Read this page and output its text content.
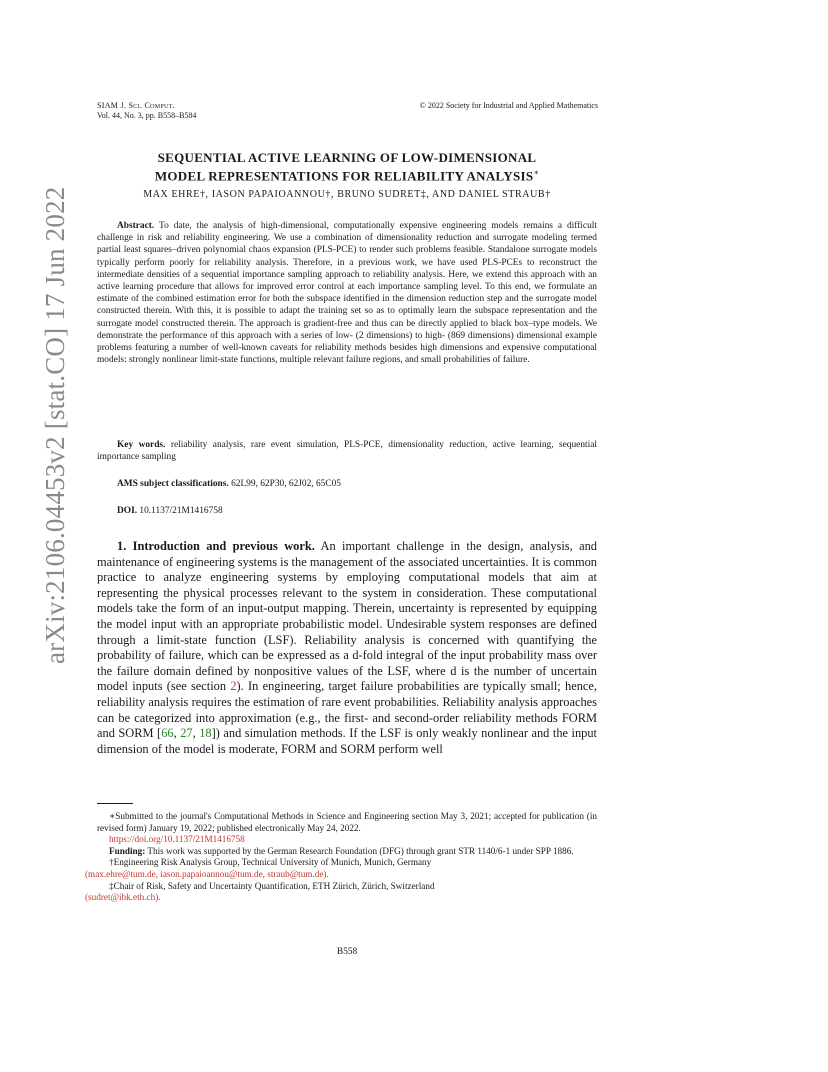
arXiv:2106.04453v2 [stat.CO] 17 Jun 2022
SIAM J. Sci. Comput.
Vol. 44, No. 3, pp. B558–B584
© 2022 Society for Industrial and Applied Mathematics
SEQUENTIAL ACTIVE LEARNING OF LOW-DIMENSIONAL
MODEL REPRESENTATIONS FOR RELIABILITY ANALYSIS∗
MAX EHRE†, IASON PAPAIOANNOU†, BRUNO SUDRET‡, AND DANIEL STRAUB†
Abstract. To date, the analysis of high-dimensional, computationally expensive engineering models remains a difficult challenge in risk and reliability engineering. We use a combination of dimensionality reduction and surrogate modeling termed partial least squares–driven polynomial chaos expansion (PLS-PCE) to render such problems feasible. Standalone surrogate models typically perform poorly for reliability analysis. Therefore, in a previous work, we have used PLS-PCEs to reconstruct the intermediate densities of a sequential importance sampling approach to reliability analysis. Here, we extend this approach with an active learning procedure that allows for improved error control at each importance sampling level. To this end, we formulate an estimate of the combined estimation error for both the subspace identified in the dimension reduction step and the surrogate model constructed therein. With this, it is possible to adapt the training set so as to optimally learn the subspace representation and the surrogate model constructed therein. The approach is gradient-free and thus can be directly applied to black box–type models. We demonstrate the performance of this approach with a series of low- (2 dimensions) to high- (869 dimensions) dimensional example problems featuring a number of well-known caveats for reliability methods besides high dimensions and expensive computational models: strongly nonlinear limit-state functions, multiple relevant failure regions, and small probabilities of failure.
Key words. reliability analysis, rare event simulation, PLS-PCE, dimensionality reduction, active learning, sequential importance sampling
AMS subject classifications. 62L99, 62P30, 62J02, 65C05
DOI. 10.1137/21M1416758
1. Introduction and previous work. An important challenge in the design, analysis, and maintenance of engineering systems is the management of the associated uncertainties. It is common practice to analyze engineering systems by employing computational models that aim at representing the physical processes relevant to the system in consideration. These computational models take the form of an input-output mapping. Therein, uncertainty is represented by equipping the model input with an appropriate probabilistic model. Undesirable system responses are defined through a limit-state function (LSF). Reliability analysis is concerned with quantifying the probability of failure, which can be expressed as a d-fold integral of the input probability mass over the failure domain defined by nonpositive values of the LSF, where d is the number of uncertain model inputs (see section 2). In engineering, target failure probabilities are typically small; hence, reliability analysis requires the estimation of rare event probabilities. Reliability analysis approaches can be categorized into approximation (e.g., the first- and second-order reliability methods FORM and SORM [66, 27, 18]) and simulation methods. If the LSF is only weakly nonlinear and the input dimension of the model is moderate, FORM and SORM perform well

∗Submitted to the journal's Computational Methods in Science and Engineering section May 3, 2021; accepted for publication (in revised form) January 19, 2022; published electronically May 24, 2022.

https://doi.org/10.1137/21M1416758

Funding: This work was supported by the German Research Foundation (DFG) through grant STR 1140/6-1 under SPP 1886.

†Engineering Risk Analysis Group, Technical University of Munich, Munich, Germany
(max.ehre@tum.de, iason.papaioannou@tum.de, straub@tum.de).

‡Chair of Risk, Safety and Uncertainty Quantification, ETH Zürich, Zürich, Switzerland
(sudret@ibk.eth.ch).

B558
